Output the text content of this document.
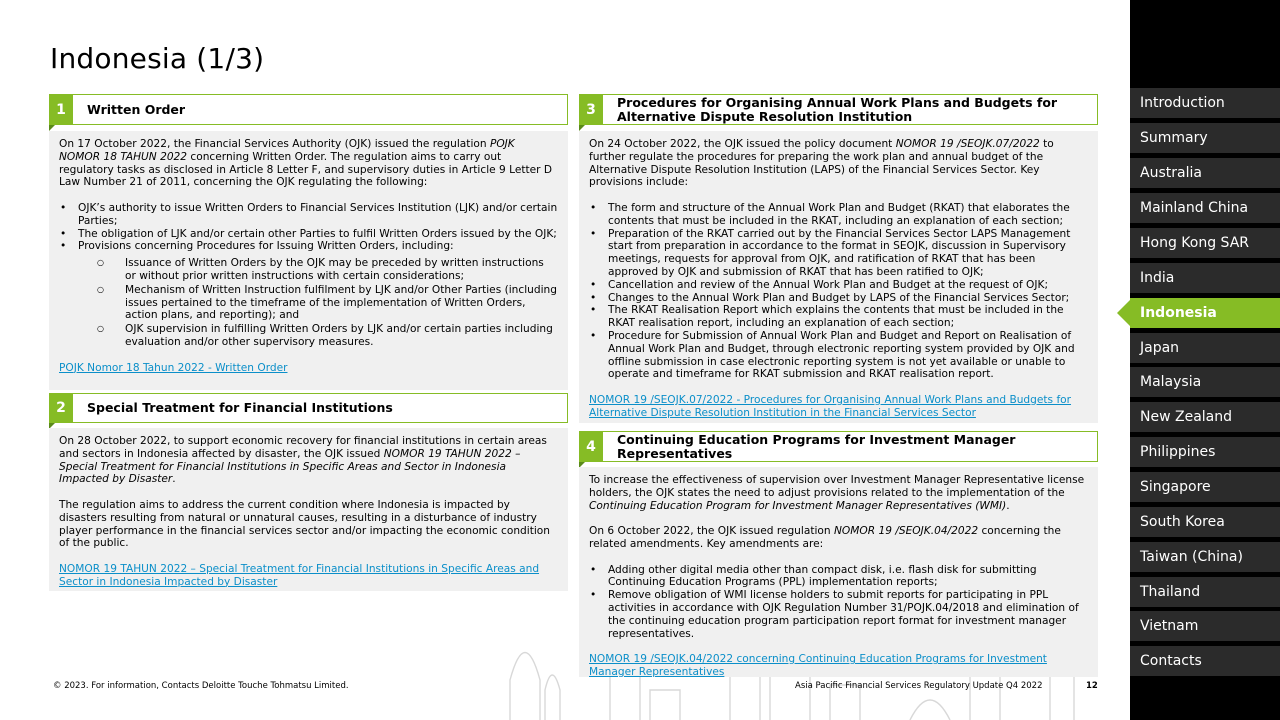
Indonesia (1/3)
1	Written Order

On 17 October 2022, the Financial Services Authority (OJK) issued the regulation POJK NOMOR 18 TAHUN 2022 concerning Written Order. The regulation aims to carry out regulatory tasks as disclosed in Article 8 Letter F, and supervisory duties in Article 9 Letter D Law Number 21 of 2011, concerning the OJK regulating the following:

• OJK’s authority to issue Written Orders to Financial Services Institution (LJK) and/or certain Parties;
• The obligation of LJK and/or certain other Parties to fulfil Written Orders issued by the OJK;
• Provisions concerning Procedures for Issuing Written Orders, including:
○ Issuance of Written Orders by the OJK may be preceded by written instructions or without prior written instructions with certain considerations;
○ Mechanism of Written Instruction fulfilment by LJK and/or Other Parties (including issues pertained to the timeframe of the implementation of Written Orders, action plans, and reporting); and
○ OJK supervision in fulfilling Written Orders by LJK and/or certain parties including evaluation and/or other supervisory measures.

POJK Nomor 18 Tahun 2022 - Written Order

2	Special Treatment for Financial Institutions

On 28 October 2022, to support economic recovery for financial institutions in certain areas and sectors in Indonesia affected by disaster, the OJK issued NOMOR 19 TAHUN 2022 – Special Treatment for Financial Institutions in Specific Areas and Sector in Indonesia Impacted by Disaster.

The regulation aims to address the current condition where Indonesia is impacted by disasters resulting from natural or unnatural causes, resulting in a disturbance of industry player performance in the financial services sector and/or impacting the economic condition of the public.

NOMOR 19 TAHUN 2022 – Special Treatment for Financial Institutions in Specific Areas and Sector in Indonesia Impacted by Disaster

3	Procedures for Organising Annual Work Plans and Budgets for Alternative Dispute Resolution Institution

On 24 October 2022, the OJK issued the policy document NOMOR 19 /SEOJK.07/2022 to further regulate the procedures for preparing the work plan and annual budget of the Alternative Dispute Resolution Institution (LAPS) of the Financial Services Sector. Key provisions include:

• The form and structure of the Annual Work Plan and Budget (RKAT) that elaborates the contents that must be included in the RKAT, including an explanation of each section;
• Preparation of the RKAT carried out by the Financial Services Sector LAPS Management start from preparation in accordance to the format in SEOJK, discussion in Supervisory meetings, requests for approval from OJK, and ratification of RKAT that has been approved by OJK and submission of RKAT that has been ratified to OJK;
• Cancellation and review of the Annual Work Plan and Budget at the request of OJK;
• Changes to the Annual Work Plan and Budget by LAPS of the Financial Services Sector;
• The RKAT Realisation Report which explains the contents that must be included in the RKAT realisation report, including an explanation of each section;
• Procedure for Submission of Annual Work Plan and Budget and Report on Realisation of Annual Work Plan and Budget, through electronic reporting system provided by OJK and offline submission in case electronic reporting system is not yet available or unable to operate and timeframe for RKAT submission and RKAT realisation report.

NOMOR 19 /SEOJK.07/2022 - Procedures for Organising Annual Work Plans and Budgets for Alternative Dispute Resolution Institution in the Financial Services Sector

4	Continuing Education Programs for Investment Manager Representatives

To increase the effectiveness of supervision over Investment Manager Representative license holders, the OJK states the need to adjust provisions related to the implementation of the Continuing Education Program for Investment Manager Representatives (WMI).

On 6 October 2022, the OJK issued regulation NOMOR 19 /SEOJK.04/2022 concerning the related amendments. Key amendments are:

• Adding other digital media other than compact disk, i.e. flash disk for submitting Continuing Education Programs (PPL) implementation reports;
• Remove obligation of WMI license holders to submit reports for participating in PPL activities in accordance with OJK Regulation Number 31/POJK.04/2018 and elimination of the continuing education program participation report format for investment manager representatives.

NOMOR 19 /SEOJK.04/2022 concerning Continuing Education Programs for Investment Manager Representatives

© 2023. For information, Contacts Deloitte Touche Tohmatsu Limited.	Asia Pacific Financial Services Regulatory Update Q4 2022	12
Introduction
Summary
Australia
Mainland China
Hong Kong SAR
India
Indonesia
Japan
Malaysia
New Zealand
Philippines
Singapore
South Korea
Taiwan (China)
Thailand
Vietnam
Contacts
